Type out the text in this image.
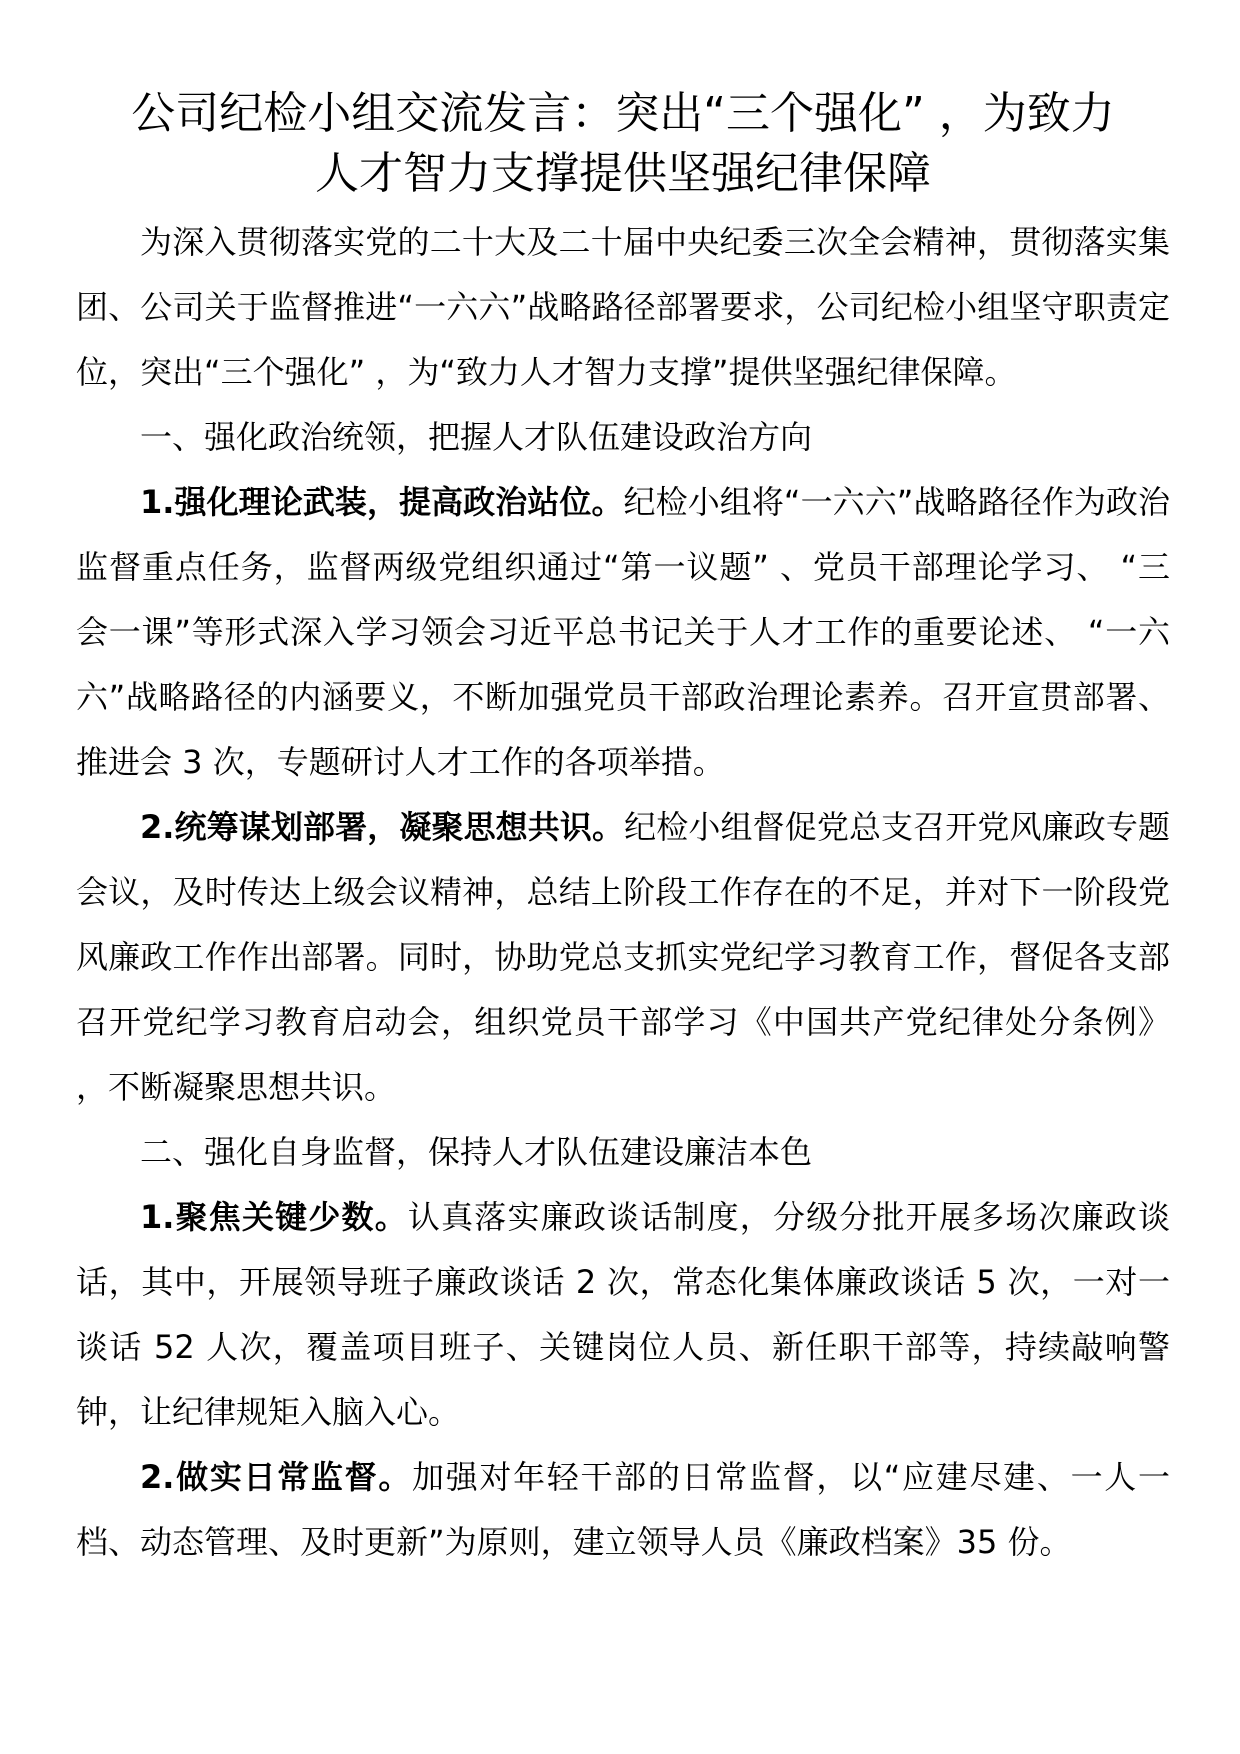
公司纪检小组交流发言：突出“三个强化” ，为致力
人才智力支撑提供坚强纪律保障

为深入贯彻落实党的二十大及二十届中央纪委三次全会精神，贯彻落实集团、公司关于监督推进“一六六”战略路径部署要求，公司纪检小组坚守职责定位，突出“三个强化” ，为“致力人才智力支撑”提供坚强纪律保障。

一、强化政治统领，把握人才队伍建设政治方向

1.强化理论武装，提高政治站位。纪检小组将“一六六”战略路径作为政治监督重点任务，监督两级党组织通过“第一议题” 、党员干部理论学习、 “三会一课”等形式深入学习领会习近平总书记关于人才工作的重要论述、 “一六六”战略路径的内涵要义，不断加强党员干部政治理论素养。召开宣贯部署、推进会 3 次，专题研讨人才工作的各项举措。

2.统筹谋划部署，凝聚思想共识。纪检小组督促党总支召开党风廉政专题会议，及时传达上级会议精神，总结上阶段工作存在的不足，并对下一阶段党风廉政工作作出部署。同时，协助党总支抓实党纪学习教育工作，督促各支部召开党纪学习教育启动会，组织党员干部学习《中国共产党纪律处分条例》 ，不断凝聚思想共识。

二、强化自身监督，保持人才队伍建设廉洁本色

1.聚焦关键少数。认真落实廉政谈话制度，分级分批开展多场次廉政谈话，其中，开展领导班子廉政谈话 2 次，常态化集体廉政谈话 5 次，一对一谈话 52 人次，覆盖项目班子、关键岗位人员、新任职干部等，持续敲响警钟，让纪律规矩入脑入心。

2.做实日常监督。加强对年轻干部的日常监督，以“应建尽建、一人一档、动态管理、及时更新”为原则，建立领导人员《廉政档案》35 份。
